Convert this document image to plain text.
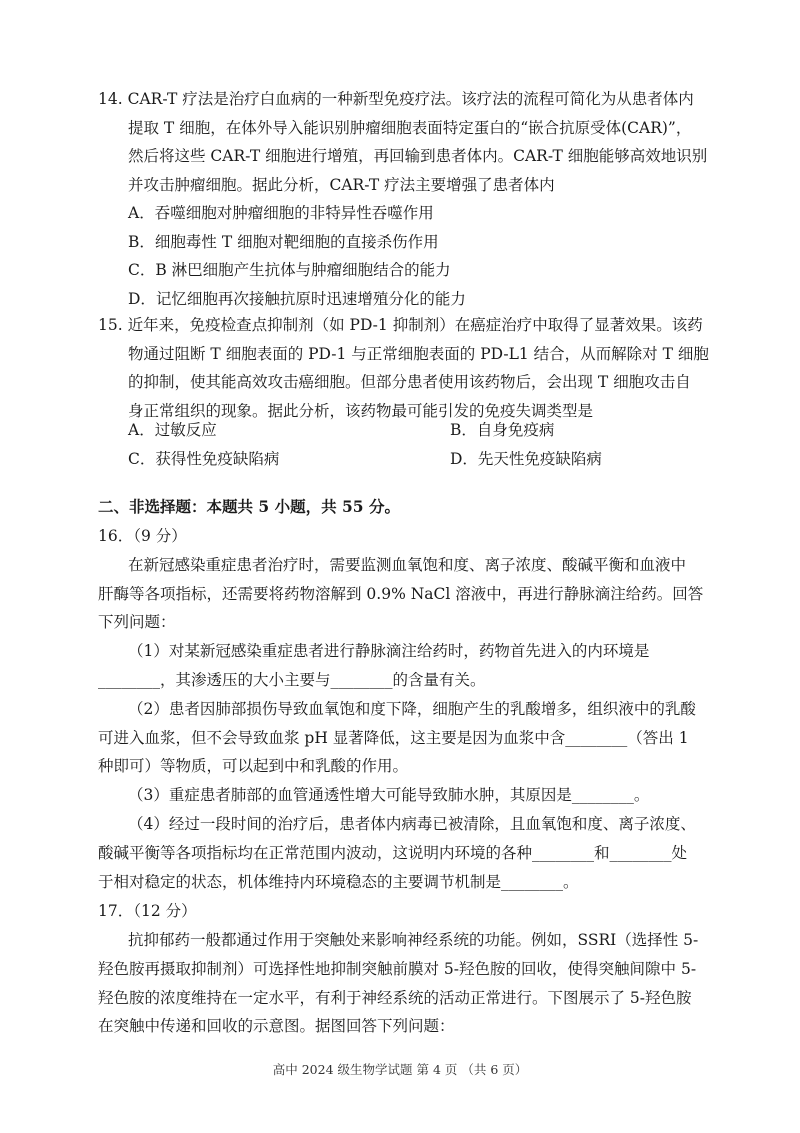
14. CAR-T 疗法是治疗白血病的一种新型免疫疗法。该疗法的流程可简化为从患者体内
提取 T 细胞，在体外导入能识别肿瘤细胞表面特定蛋白的“嵌合抗原受体(CAR)”，
然后将这些 CAR-T 细胞进行增殖，再回输到患者体内。CAR-T 细胞能够高效地识别
并攻击肿瘤细胞。据此分析，CAR-T 疗法主要增强了患者体内
A．吞噬细胞对肿瘤细胞的非特异性吞噬作用
B．细胞毒性 T 细胞对靶细胞的直接杀伤作用
C．B 淋巴细胞产生抗体与肿瘤细胞结合的能力
D．记忆细胞再次接触抗原时迅速增殖分化的能力
15. 近年来，免疫检查点抑制剂（如 PD-1 抑制剂）在癌症治疗中取得了显著效果。该药
物通过阻断 T 细胞表面的 PD-1 与正常细胞表面的 PD-L1 结合，从而解除对 T 细胞
的抑制，使其能高效攻击癌细胞。但部分患者使用该药物后，会出现 T 细胞攻击自
身正常组织的现象。据此分析，该药物最可能引发的免疫失调类型是
A．过敏反应	B．自身免疫病
C．获得性免疫缺陷病	D．先天性免疫缺陷病
二、非选择题：本题共 5 小题，共 55 分。
16．（9 分）
在新冠感染重症患者治疗时，需要监测血氧饱和度、离子浓度、酸碱平衡和血液中
肝酶等各项指标，还需要将药物溶解到 0.9% NaCl 溶液中，再进行静脉滴注给药。回答
下列问题：
（1）对某新冠感染重症患者进行静脉滴注给药时，药物首先进入的内环境是
________，其渗透压的大小主要与________的含量有关。
（2）患者因肺部损伤导致血氧饱和度下降，细胞产生的乳酸增多，组织液中的乳酸
可进入血浆，但不会导致血浆 pH 显著降低，这主要是因为血浆中含________（答出 1
种即可）等物质，可以起到中和乳酸的作用。
（3）重症患者肺部的血管通透性增大可能导致肺水肿，其原因是________。
（4）经过一段时间的治疗后，患者体内病毒已被清除，且血氧饱和度、离子浓度、
酸碱平衡等各项指标均在正常范围内波动，这说明内环境的各种________和________处
于相对稳定的状态，机体维持内环境稳态的主要调节机制是________。
17．（12 分）
抗抑郁药一般都通过作用于突触处来影响神经系统的功能。例如，SSRI（选择性 5-
羟色胺再摄取抑制剂）可选择性地抑制突触前膜对 5-羟色胺的回收，使得突触间隙中 5-
羟色胺的浓度维持在一定水平，有利于神经系统的活动正常进行。下图展示了 5-羟色胺
在突触中传递和回收的示意图。据图回答下列问题：
高中 2024 级生物学试题 第 4 页 （共 6 页）
